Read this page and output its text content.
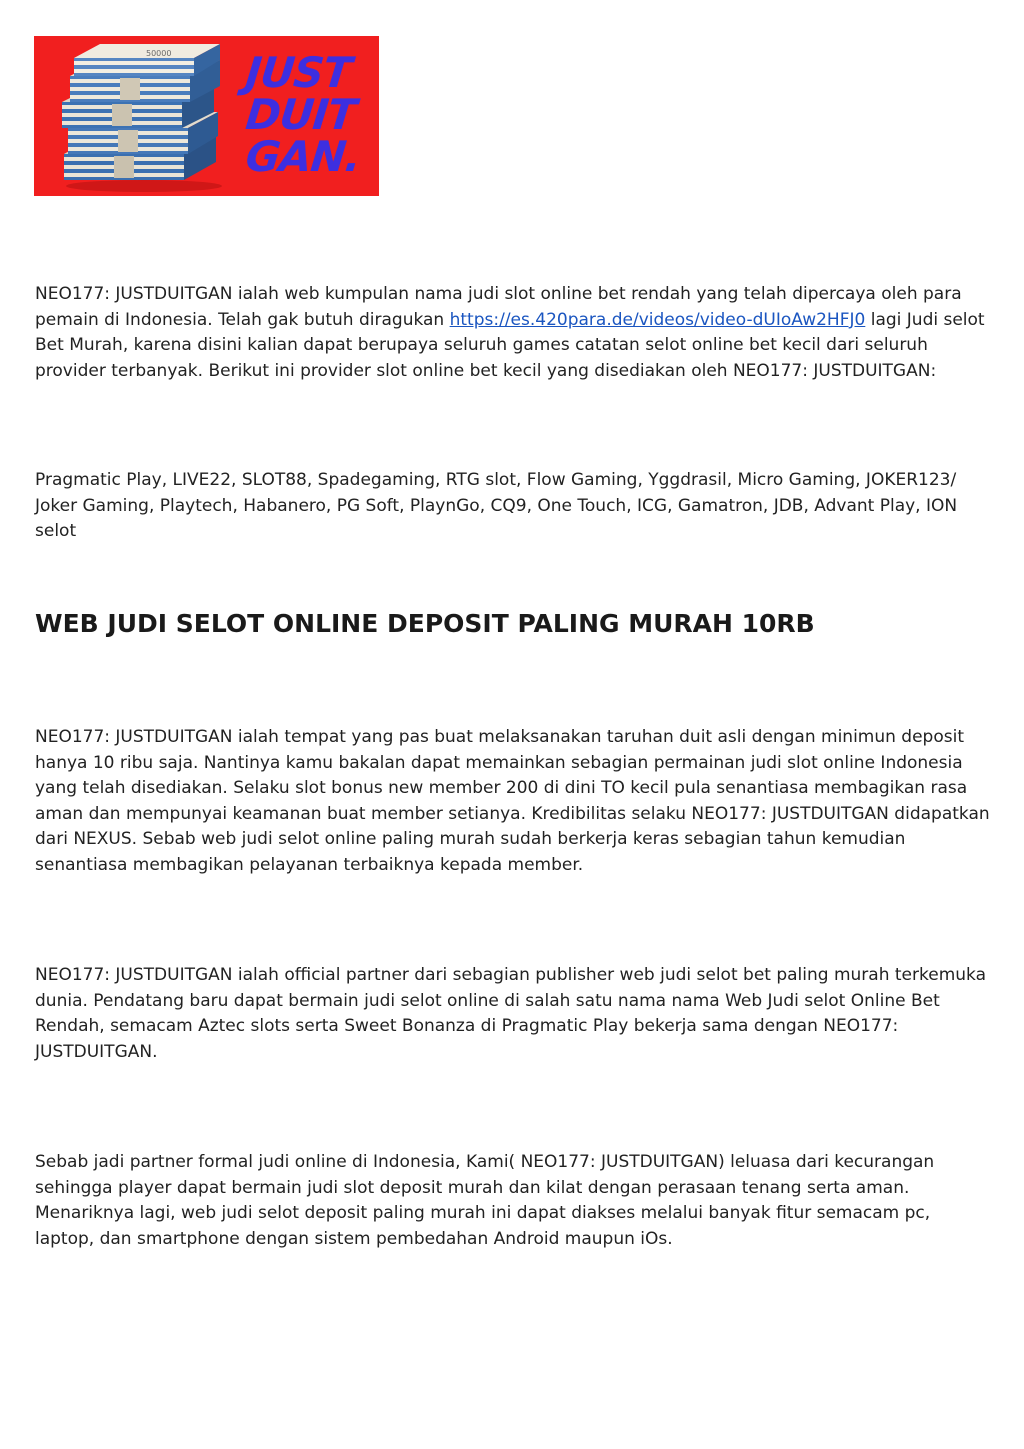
50000 JUST
DUIT
GAN.

NEO177: JUSTDUITGAN ialah web kumpulan nama judi slot online bet rendah yang telah dipercaya oleh para pemain di Indonesia. Telah gak butuh diragukan https://es.420para.de/videos/video-dUIoAw2HFJ0 lagi Judi selot Bet Murah, karena disini kalian dapat berupaya seluruh games catatan selot online bet kecil dari seluruh provider terbanyak. Berikut ini provider slot online bet kecil yang disediakan oleh NEO177: JUSTDUITGAN:

Pragmatic Play, LIVE22, SLOT88, Spadegaming, RTG slot, Flow Gaming, Yggdrasil, Micro Gaming, JOKER123/ Joker Gaming, Playtech, Habanero, PG Soft, PlaynGo, CQ9, One Touch, ICG, Gamatron, JDB, Advant Play, ION selot

WEB JUDI SELOT ONLINE DEPOSIT PALING MURAH 10RB

NEO177: JUSTDUITGAN ialah tempat yang pas buat melaksanakan taruhan duit asli dengan minimun deposit hanya 10 ribu saja. Nantinya kamu bakalan dapat memainkan sebagian permainan judi slot online Indonesia yang telah disediakan. Selaku slot bonus new member 200 di dini TO kecil pula senantiasa membagikan rasa aman dan mempunyai keamanan buat member setianya. Kredibilitas selaku NEO177: JUSTDUITGAN didapatkan dari NEXUS. Sebab web judi selot online paling murah sudah berkerja keras sebagian tahun kemudian senantiasa membagikan pelayanan terbaiknya kepada member.

NEO177: JUSTDUITGAN ialah official partner dari sebagian publisher web judi selot bet paling murah terkemuka dunia. Pendatang baru dapat bermain judi selot online di salah satu nama nama Web Judi selot Online Bet Rendah, semacam Aztec slots serta Sweet Bonanza di Pragmatic Play bekerja sama dengan NEO177: JUSTDUITGAN.

Sebab jadi partner formal judi online di Indonesia, Kami( NEO177: JUSTDUITGAN) leluasa dari kecurangan sehingga player dapat bermain judi slot deposit murah dan kilat dengan perasaan tenang serta aman. Menariknya lagi, web judi selot deposit paling murah ini dapat diakses melalui banyak fitur semacam pc, laptop, dan smartphone dengan sistem pembedahan Android maupun iOs.
